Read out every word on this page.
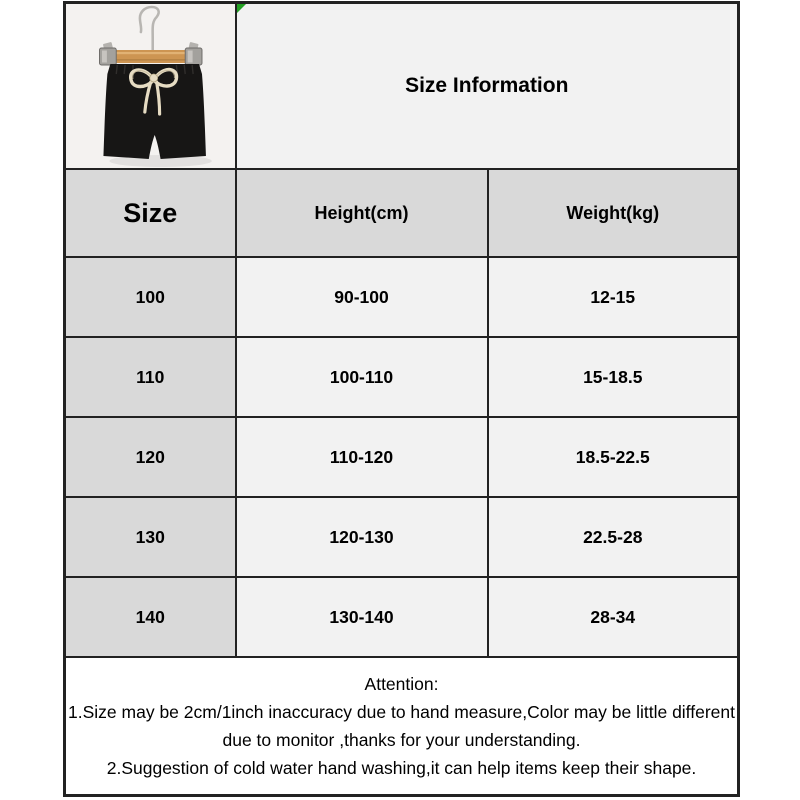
Size Information	
Size	Height(cm)	Weight(kg)
100	90-100	12-15
110	100-110	15-18.5
120	110-120	18.5-22.5
130	120-130	22.5-28
140	130-140	28-34

Attention:
1.Size may be 2cm/1inch inaccuracy due to hand measure,Color may be little different due to monitor ,thanks for your understanding.
2.Suggestion of cold water hand washing,it can help items keep their shape.		
